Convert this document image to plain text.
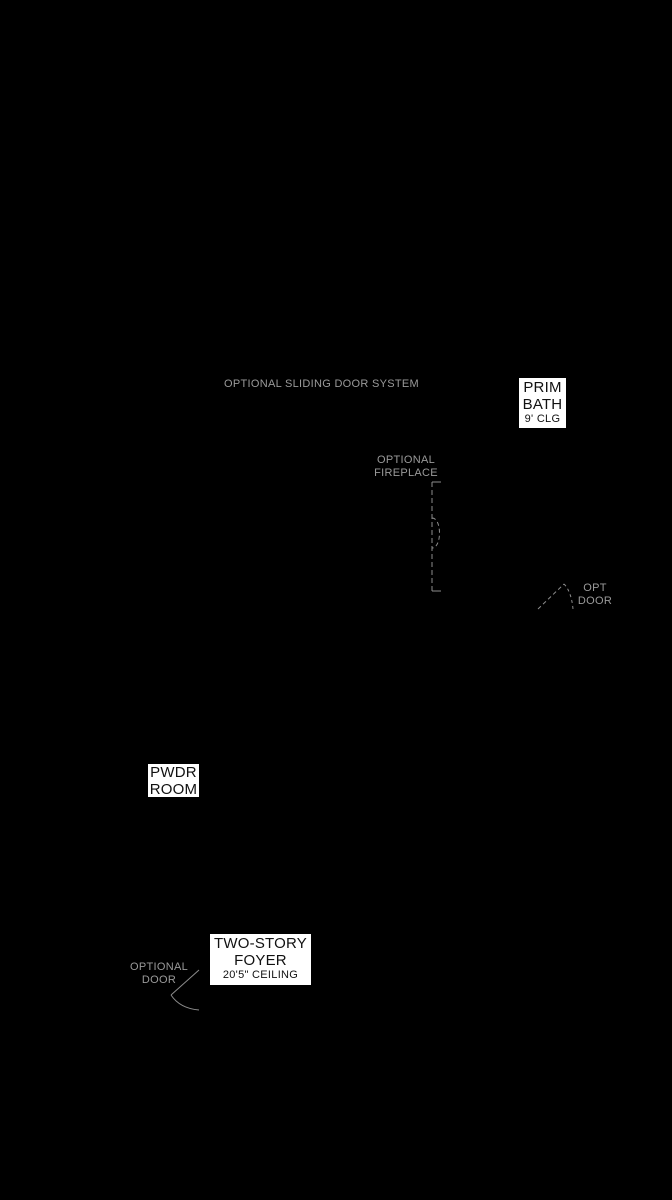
OPTIONAL SLIDING DOOR SYSTEM
OPTIONAL
FIREPLACE
OPT
DOOR
OPTIONAL
DOOR
PRIM
BATH
9' CLG
PWDR
ROOM
TWO-STORY
FOYER
20'5" CEILING
